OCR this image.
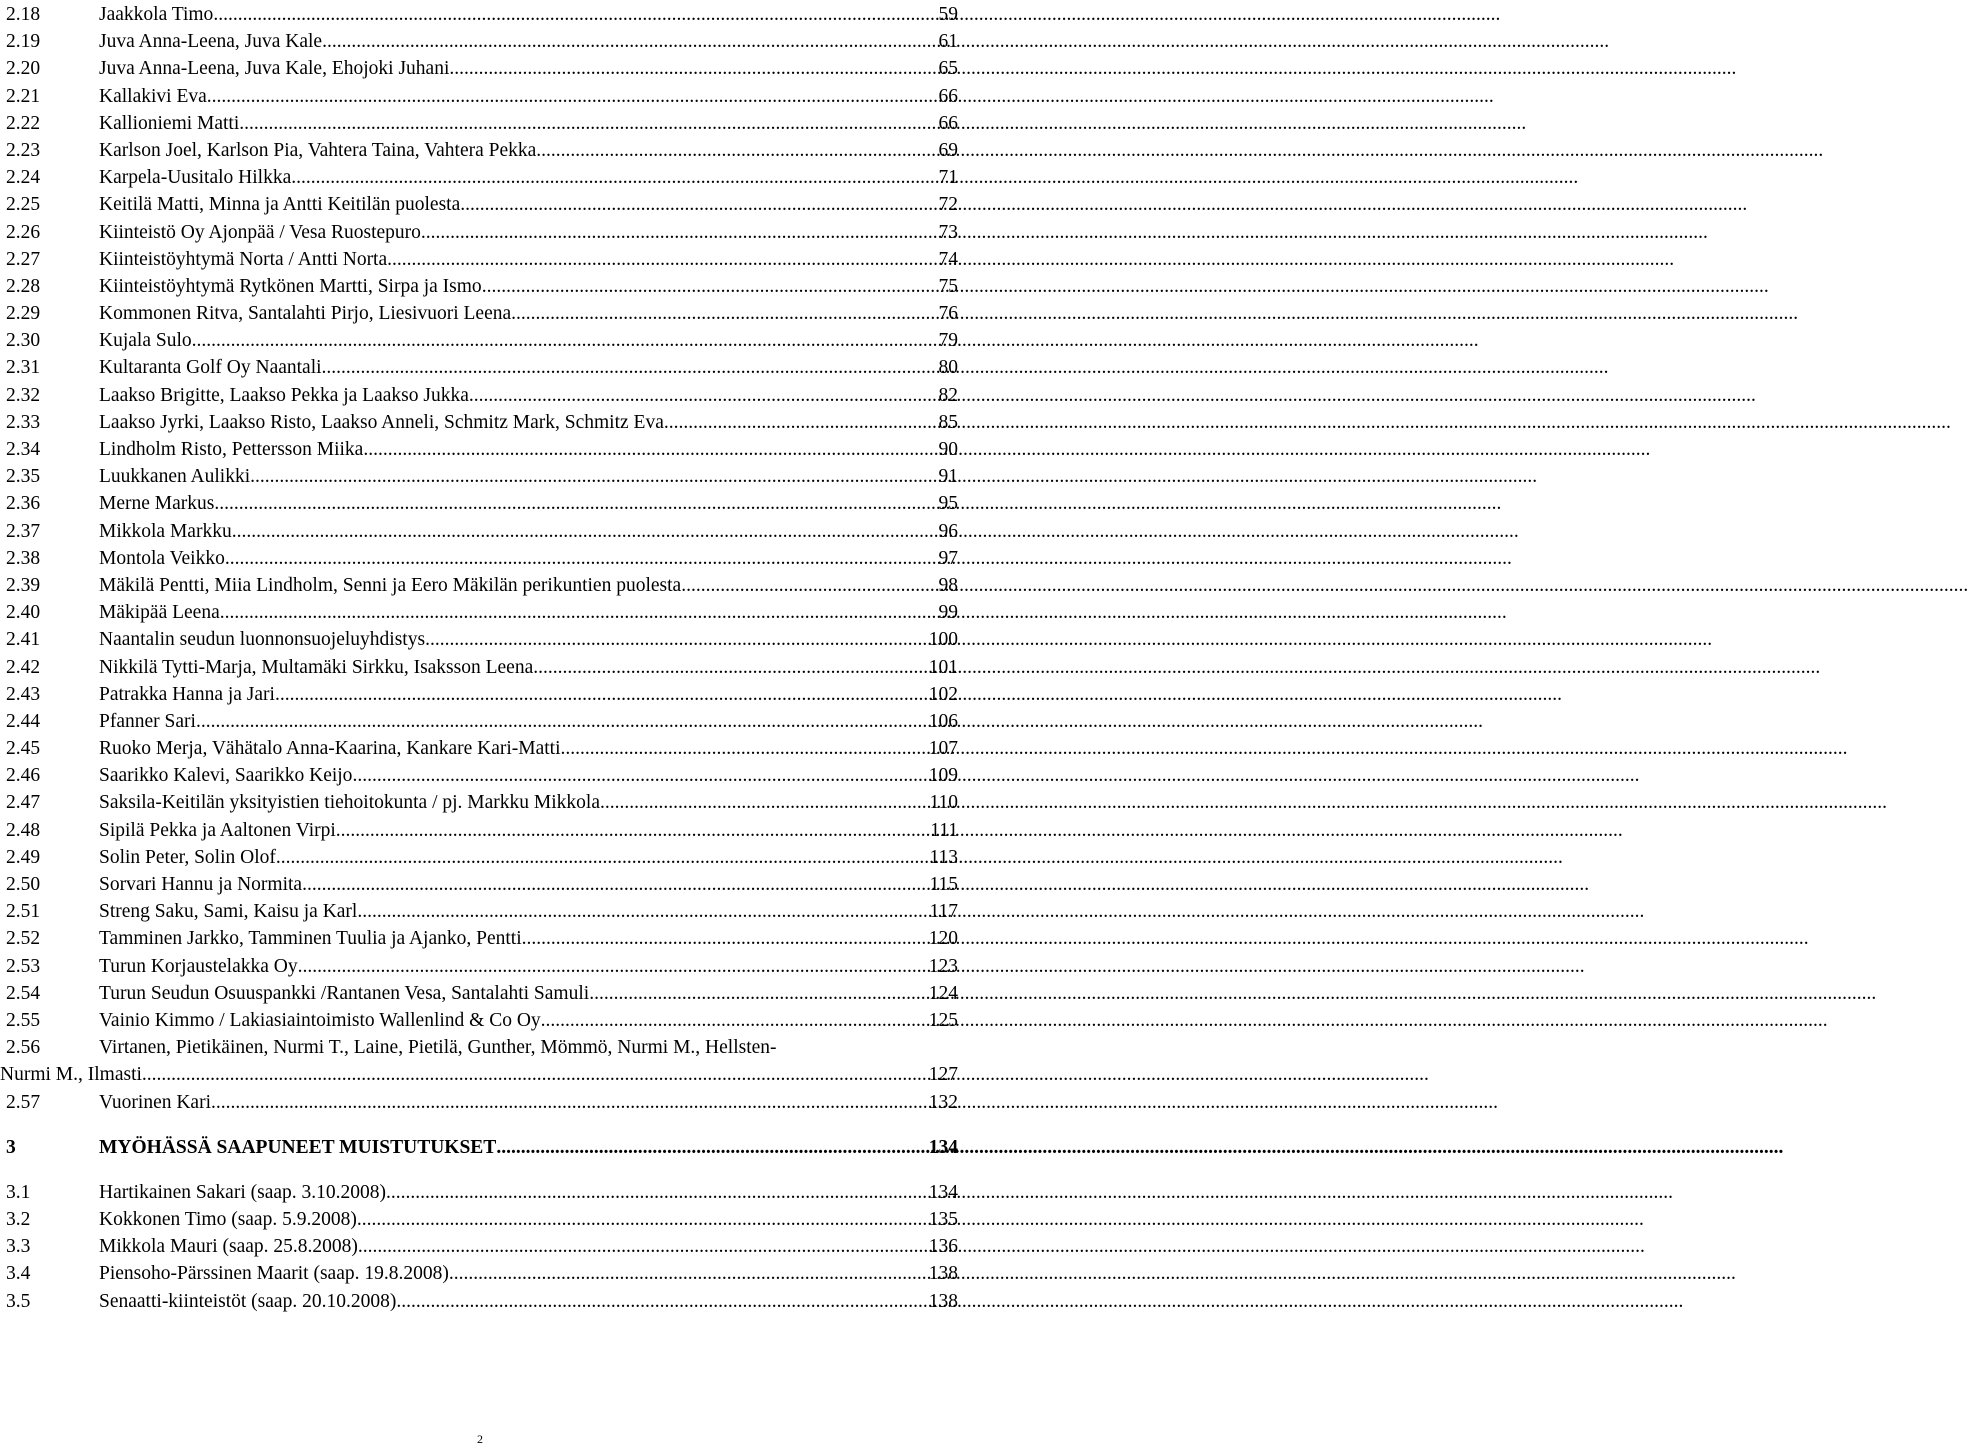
2.18	Jaakkola Timo .....	59
2.19	Juva Anna-Leena, Juva Kale .....	61
2.20	Juva Anna-Leena, Juva Kale, Ehojoki Juhani .....	65
2.21	Kallakivi Eva .....	66
2.22	Kallioniemi Matti .....	66
2.23	Karlson Joel, Karlson Pia, Vahtera Taina, Vahtera Pekka .....	69
2.24	Karpela-Uusitalo Hilkka .....	71
2.25	Keitilä Matti, Minna ja Antti Keitilän puolesta .....	72
2.26	Kiinteistö Oy Ajonpää / Vesa Ruostepuro .....	73
2.27	Kiinteistöyhtymä Norta / Antti Norta .....	74
2.28	Kiinteistöyhtymä Rytkönen Martti, Sirpa ja Ismo .....	75
2.29	Kommonen Ritva, Santalahti Pirjo, Liesivuori Leena .....	76
2.30	Kujala Sulo .....	79
2.31	Kultaranta Golf Oy Naantali .....	80
2.32	Laakso Brigitte, Laakso Pekka ja Laakso Jukka .....	82
2.33	Laakso Jyrki, Laakso Risto, Laakso Anneli, Schmitz Mark, Schmitz Eva .....	85
2.34	Lindholm Risto, Pettersson Miika .....	90
2.35	Luukkanen Aulikki .....	91
2.36	Merne Markus .....	95
2.37	Mikkola Markku .....	96
2.38	Montola Veikko .....	97
2.39	Mäkilä Pentti, Miia Lindholm, Senni ja Eero Mäkilän perikuntien puolesta .....	98
2.40	Mäkipää Leena .....	99
2.41	Naantalin seudun luonnonsuojeluyhdistys .....	100
2.42	Nikkilä Tytti-Marja, Multamäki Sirkku, Isaksson Leena .....	101
2.43	Patrakka Hanna ja Jari .....	102
2.44	Pfanner Sari .....	106
2.45	Ruoko Merja, Vähätalo Anna-Kaarina, Kankare Kari-Matti .....	107
2.46	Saarikko Kalevi, Saarikko Keijo .....	109
2.47	Saksila-Keitilän yksityistien tiehoitokunta / pj. Markku Mikkola .....	110
2.48	Sipilä Pekka ja Aaltonen Virpi .....	111
2.49	Solin Peter, Solin Olof .....	113
2.50	Sorvari Hannu ja Normita .....	115
2.51	Streng Saku, Sami, Kaisu ja Karl .....	117
2.52	Tamminen Jarkko, Tamminen Tuulia ja Ajanko, Pentti .....	120
2.53	Turun Korjaustelakka Oy .....	123
2.54	Turun Seudun Osuuspankki /Rantanen Vesa, Santalahti Samuli .....	124
2.55	Vainio Kimmo / Lakiasiaintoimisto Wallenlind & Co Oy .....	125
2.56	Virtanen, Pietikäinen, Nurmi T., Laine, Pietilä, Gunther, Mömmö, Nurmi M., Hellsten-
Nurmi M., Ilmasti .....	127
2.57	Vuorinen Kari .....	132
3	MYÖHÄSSÄ SAAPUNEET MUISTUTUKSET .....	134
3.1	Hartikainen Sakari (saap. 3.10.2008) .....	134
3.2	Kokkonen Timo (saap. 5.9.2008) .....	135
3.3	Mikkola Mauri (saap. 25.8.2008) .....	136
3.4	Piensoho-Pärssinen Maarit (saap. 19.8.2008) .....	138
3.5	Senaatti-kiinteistöt (saap. 20.10.2008) .....	138
2
